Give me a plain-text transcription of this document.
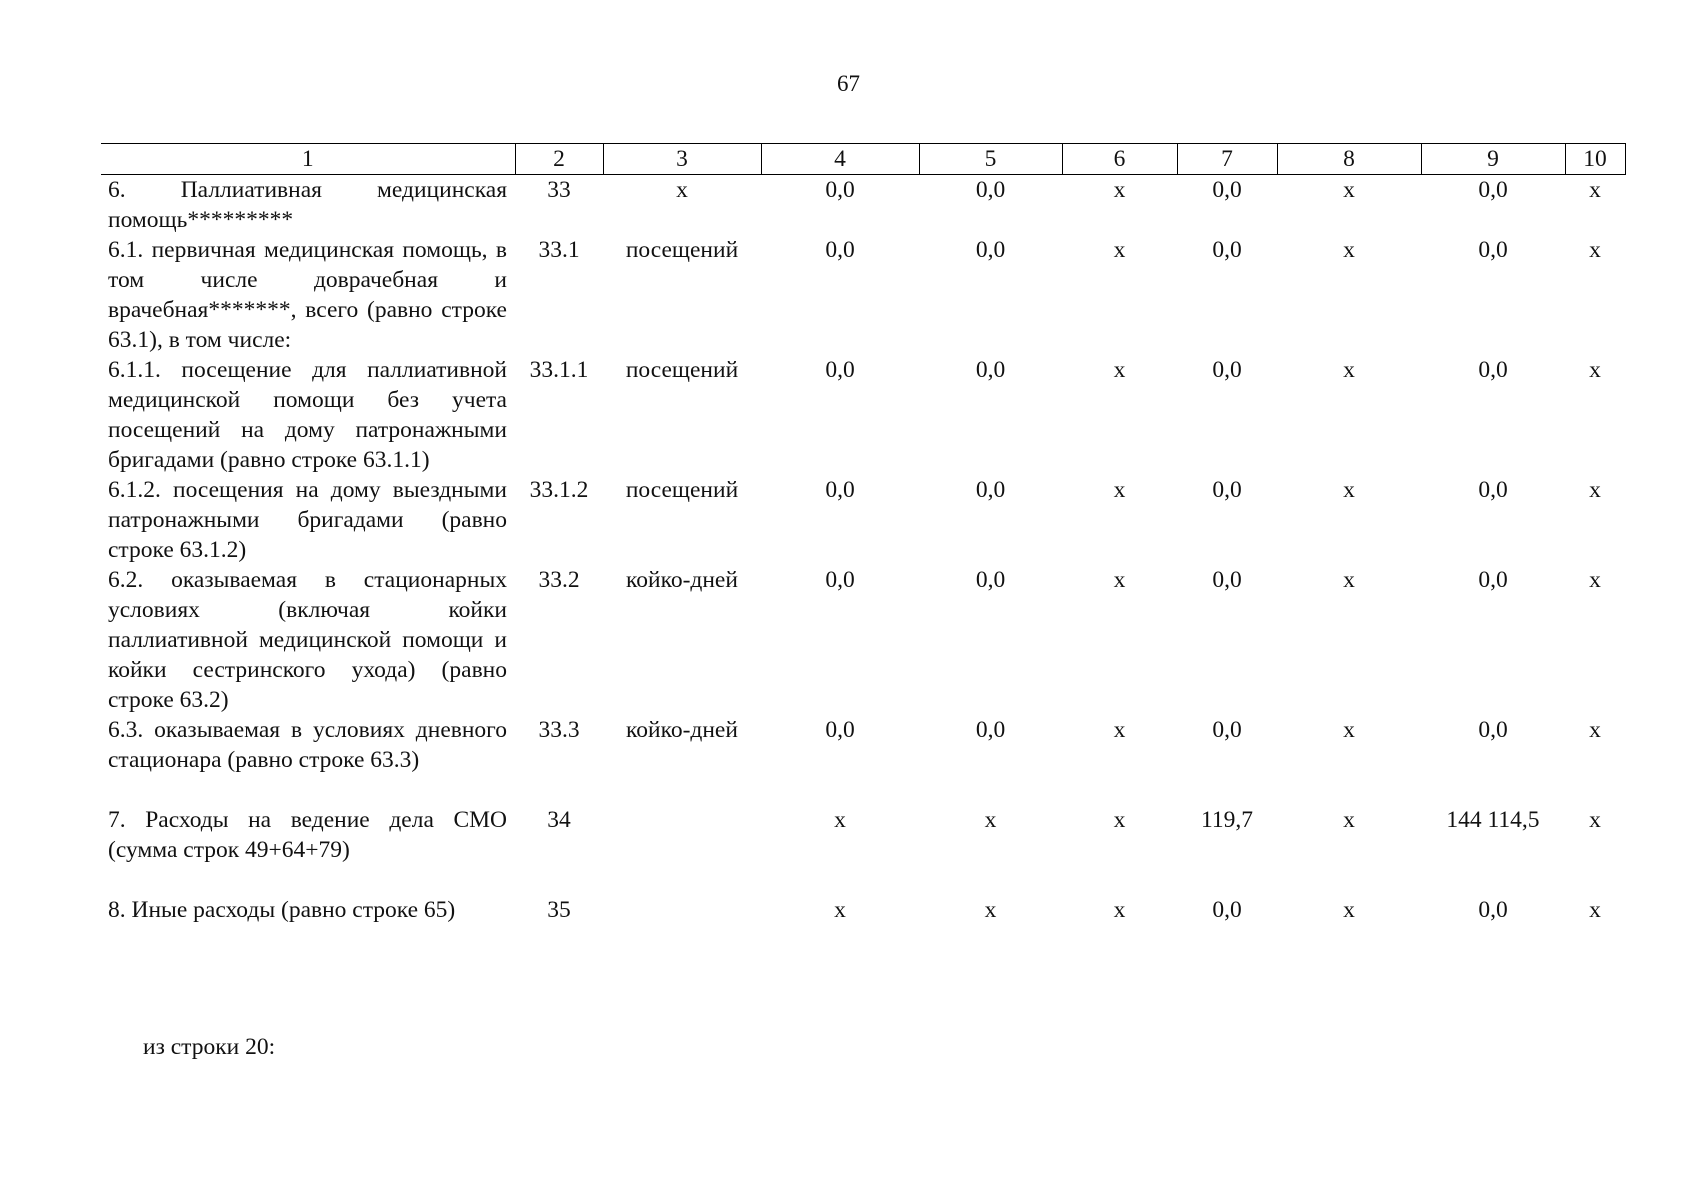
67
1	2	3	4	5	6	7	8	9	10
6. Паллиативная медицинская помощь*********	33	х	0,0	0,0	х	0,0	х	0,0	х
6.1. первичная медицинская помощь, в том числе доврачебная и врачебная*******, всего (равно строке 63.1), в том числе:	33.1	посещений	0,0	0,0	х	0,0	х	0,0	х
6.1.1. посещение для паллиативной медицинской помощи без учета посещений на дому патронажными бригадами (равно строке 63.1.1)	33.1.1	посещений	0,0	0,0	х	0,0	х	0,0	х
6.1.2. посещения на дому выездными патронажными бригадами (равно строке 63.1.2)	33.1.2	посещений	0,0	0,0	х	0,0	х	0,0	х
6.2. оказываемая в стационарных условиях (включая койки паллиативной медицинской помощи и койки сестринского ухода) (равно строке 63.2)	33.2	койко-дней	0,0	0,0	х	0,0	х	0,0	х
6.3. оказываемая в условиях дневного стационара (равно строке 63.3)	33.3	койко-дней	0,0	0,0	х	0,0	х	0,0	х

7. Расходы на ведение дела СМО (сумма строк 49+64+79)	34		х	х	х	119,7	х	144 114,5	х

8. Иные расходы (равно строке 65)	35		х	х	х	0,0	х	0,0	х
из строки 20:
